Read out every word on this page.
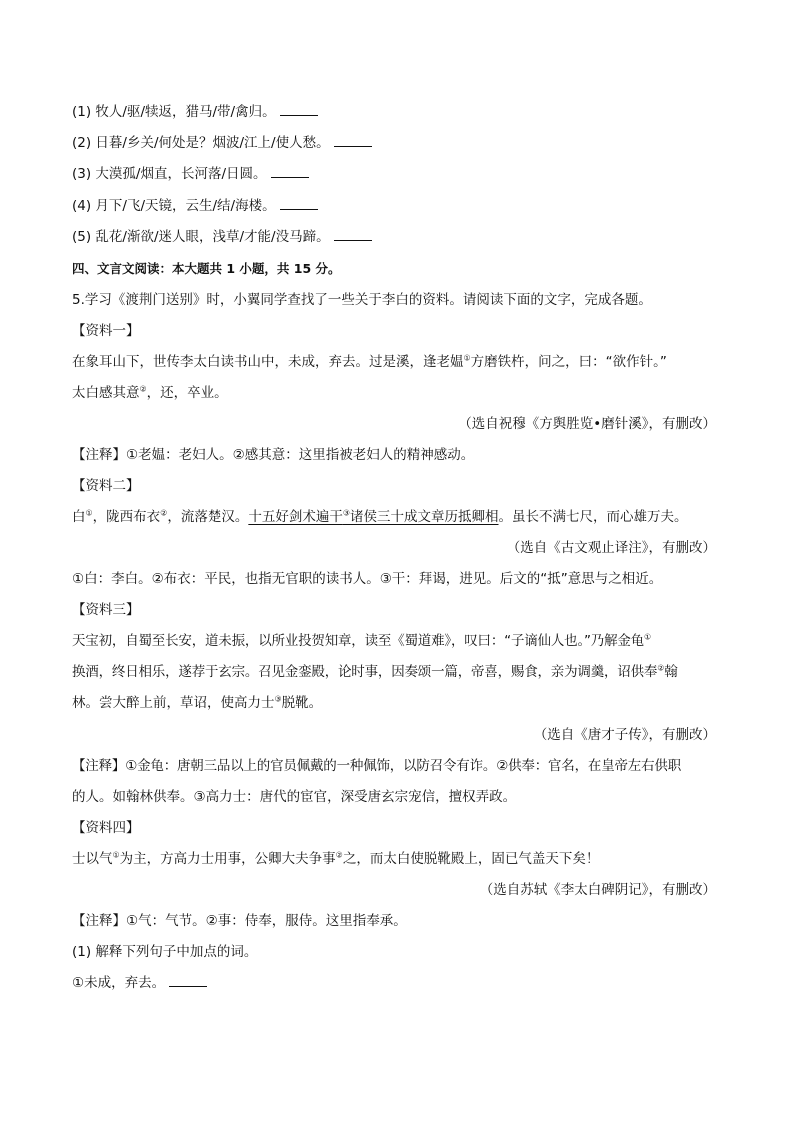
(1) 牧人/驱/犊返，猎马/带/禽归。
(2) 日暮/乡关/何处是？烟波/江上/使人愁。
(3) 大漠孤/烟直，长河落/日圆。
(4) 月下/飞/天镜，云生/结/海楼。
(5) 乱花/渐欲/迷人眼，浅草/才能/没马蹄。
四、文言文阅读：本大题共 1 小题，共 15 分。
5.学习《渡荆门送别》时，小翼同学查找了一些关于李白的资料。请阅读下面的文字，完成各题。
【资料一】
在象耳山下，世传李太白读书山中，未成，弃去。过是溪，逢老媪①方磨铁杵，问之，曰：“欲作针。”
太白感其意②，还，卒业。
（选自祝穆《方舆胜览•磨针溪》，有删改）
【注释】①老媪：老妇人。②感其意：这里指被老妇人的精神感动。
【资料二】
白①，陇西布衣②，流落楚汉。十五好剑术遍干③诸侯三十成文章历抵卿相。虽长不满七尺，而心雄万夫。
（选自《古文观止译注》，有删改）
①白：李白。②布衣：平民，也指无官职的读书人。③干：拜谒，进见。后文的“抵”意思与之相近。
【资料三】
天宝初，自蜀至长安，道未振，以所业投贺知章，读至《蜀道难》，叹曰：“子谪仙人也。”乃解金龟①
换酒，终日相乐，遂荐于玄宗。召见金銮殿，论时事，因奏颂一篇，帝喜，赐食，亲为调羹，诏供奉②翰
林。尝大醉上前，草诏，使高力士③脱靴。
（选自《唐才子传》，有删改）
【注释】①金龟：唐朝三品以上的官员佩戴的一种佩饰，以防召令有诈。②供奉：官名，在皇帝左右供职
的人。如翰林供奉。③高力士：唐代的宦官，深受唐玄宗宠信，擅权弄政。
【资料四】
士以气①为主，方高力士用事，公卿大夫争事②之，而太白使脱靴殿上，固已气盖天下矣！
（选自苏轼《李太白碑阴记》，有删改）
【注释】①气：气节。②事：侍奉，服侍。这里指奉承。
(1) 解释下列句子中加点的词。
①未成，弃去。
